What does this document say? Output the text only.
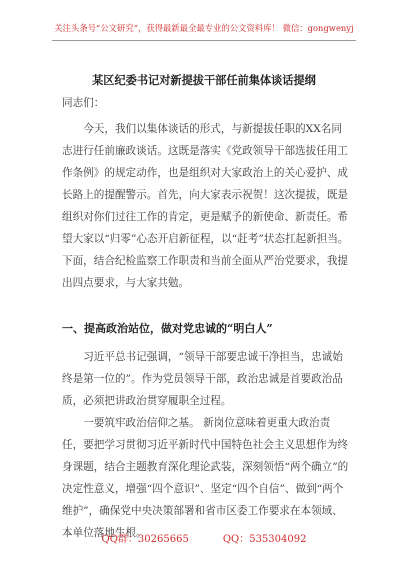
关注头条号“公文研究”，获得最新最全最专业的公文资料库！ 微信：gongwenyj
某区纪委书记对新提拔干部任前集体谈话提纲
同志们：
今天，我们以集体谈话的形式，与新提拔任职的XX名同志进行任前廉政谈话。这既是落实《党政领导干部选拔任用工作条例》的规定动作，也是组织对大家政治上的关心爱护、成长路上的提醒警示。首先，向大家表示祝贺！这次提拔，既是组织对你们过往工作的肯定，更是赋予的新使命、新责任。希望大家以“归零”心态开启新征程，以“赶考”状态扛起新担当。下面，结合纪检监察工作职责和当前全面从严治党要求，我提出四点要求，与大家共勉。
一、提高政治站位，做对党忠诚的“明白人”
习近平总书记强调，“领导干部要忠诚干净担当，忠诚始终是第一位的”。作为党员领导干部，政治忠诚是首要政治品质，必须把讲政治贯穿履职全过程。
一要筑牢政治信仰之基。 新岗位意味着更重大政治责任，要把学习贯彻习近平新时代中国特色社会主义思想作为终身课题，结合主题教育深化理论武装，深刻领悟“两个确立”的决定性意义，增强“四个意识”、坚定“四个自信”、做到“两个维护”，确保党中央决策部署和省市区委工作要求在本领域、本单位落地生根。
QQ群：30265665	QQ：535304092
